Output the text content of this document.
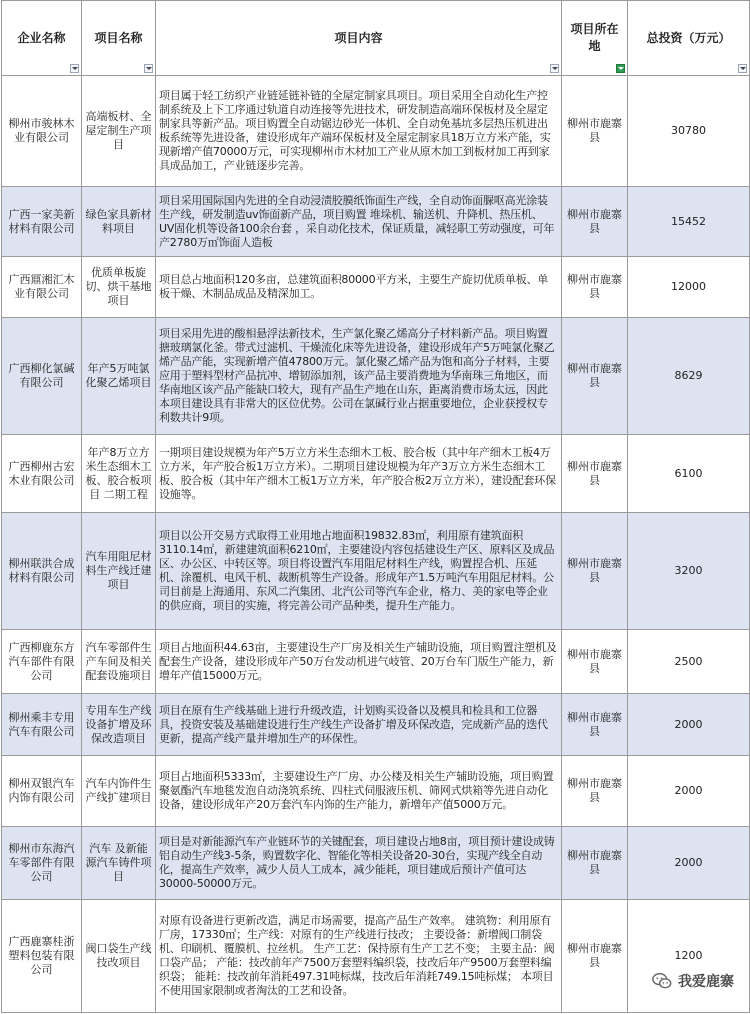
企业名称	项目名称	项目内容	项目所在地	总投资（万元）

柳州市骏林木业有限公司	高端板材、全屋定制生产项目	项目属于轻工纺织产业链延链补链的全屋定制家具项目。项目采用全自动化生产控制系统及上下工序通过轨道自动连接等先进技术，研发制造高端环保板材及全屋定制家具等新产品。项目购置全自动锯边砂光一体机、全自动免基坑多层热压机进出板系统等先进设备，建设形成年产端环保板材及全屋定制家具18万立方米产能，实现新增产值70000万元，可实现柳州市木材加工产业从原木加工到板材加工再到家具成品加工，产业链逐步完善。	柳州市鹿寨县	30780
广西一家美新材料有限公司	绿色家具新材料项目	项目采用国际国内先进的全自动浸渍胶膜纸饰面生产线，全自动饰面脲呕高光涂装生产线，研发制造uv饰面新产品，项目购置 堆垛机、输送机、升降机、热压机、UV固化机等设备100余台套 ，采自动化技术，保证质量，减轻职工劳动强度，可年产2780万㎡饰面人造板	柳州市鹿寨县	15452
广西鼏湘汇木业有限公司	优质单板旋切、烘干基地项目	项目总占地面积120多亩，总建筑面积80000平方米，主要生产旋切优质单板、单板干燥、木制品成品及精深加工。	柳州市鹿寨县	12000
广西柳化氯碱有限公司	年产5万吨氯化聚乙烯项目	项目采用先进的酸相悬浮法新技术，生产氯化聚乙烯高分子材料新产品。项目购置搪玻璃氯化釜。带式过滤机、干燥流化床等先进设备，建设形成年产5万吨氯化聚乙烯产品产能，实现新增产值47800万元。氯化聚乙烯产品为饱和高分子材料，主要应用于塑料型材产品抗冲、增韧添加剂，该产品主要消费地为华南珠三角地区，而华南地区该产品产能缺口较大，现有产品生产地在山东，距离消费市场太远，因此本项目建设具有非常大的区位优势。公司在氯碱行业占据重要地位，企业获授权专利数共计9项。	柳州市鹿寨县	8629
广西柳州古宏木业有限公司	年产8万立方米生态细木工板、胶合板项目 二期工程	一期项目建设规模为年产5万立方米生态细木工板、胶合板（其中年产细木工板4万立方米，年产胶合板1万立方米）。二期项目建设规模为年产3万立方米生态细木工板、胶合板（其中年产细木工板1万立方米，年产胶合板2万立方米），建设配套环保设施等。	柳州市鹿寨县	6100
柳州联洪合成材料有限公司	汽车用阻尼材料生产线迁建项目	项目以公开交易方式取得工业用地占地面积19832.83㎡，利用原有建筑面积3110.14㎡，新建建筑面积6210㎡，主要建设内容包括建设生产区、原料区及成品区、办公区、中转区等。项目将设置汽车用阻尼材料生产线，购置捏合机、压延机、涂覆机、电风干机、裁断机等生产设备。形成年产1.5万吨汽车用阻尼材料。公司目前是上海通用、东风二汽集团、北汽公司等汽车企业，格力、美的家电等企业的供应商，项目的实施，将完善公司产品种类，提升生产能力。	柳州市鹿寨县	3200
广西柳鹿东方汽车部件有限公司	汽车零部件生产车间及相关配套设施项目	项目占地面积44.63亩，主要建设生产厂房及相关生产辅助设施，项目购置注塑机及配套生产设备，建设形成年产50万台发动机进气岐管、20万台车门版生产能力，新增年产值15000万元。	柳州市鹿寨县	2500
柳州乘丰专用汽车有限公司	专用车生产线设备扩增及环保改造项目	项目在原有生产线基础上进行升级改造，计划购买设备以及模具和检具和工位器具，投资安装及基础建设进行生产线生产设备扩增及环保改造，完成新产品的迭代更新，提高产线产量并增加生产的环保性。	柳州市鹿寨县	2000
柳州双银汽车内饰有限公司	汽车内饰件生产线扩建项目	项目占地面积5333㎡，主要建设生产厂房、办公楼及相关生产辅助设施，项目购置聚氨酯汽车地毯发泡自动浇筑系统、四柱式伺服液压机、筛网式烘箱等先进自动化设备，建设形成年产20万套汽车内饰的生产能力，新增年产值5000万元。	柳州市鹿寨县	2000
柳州市东海汽车零部件有限公司	汽车 及新能源汽车铸件项目	项目是对新能源汽车产业链环节的关键配套，项目建设占地8亩，项目预计建设成铸铝自动生产线3-5条，购置数字化、智能化等相关设备20-30台，实现产线全自动化，提高生产效率，减少人员人工成本，减少能耗，项目建成后预计产值可达30000-50000万元。	柳州市鹿寨县	2000
广西鹿寨桂浙塑料包装有限公司	阀口袋生产线技改项目	对原有设备进行更新改造，满足市场需要，提高产品生产效率。 建筑物：利用原有厂房，17330㎡；生产线：对原有的生产线进行技改； 主要设备：新增阀口制袋机、印刷机、覆膜机、拉丝机。 生产工艺：保持原有生产工艺不变； 主要主品：阀口袋产品； 产能：技改前年产7500万套塑料编织袋，技改后年产9500万套塑料编织袋； 能耗：技改前年消耗497.31吨标煤，技改后年消耗749.15吨标煤； 本项目不使用国家限制或者淘汰的工艺和设备。	柳州市鹿寨县	1200
我爱鹿寨
